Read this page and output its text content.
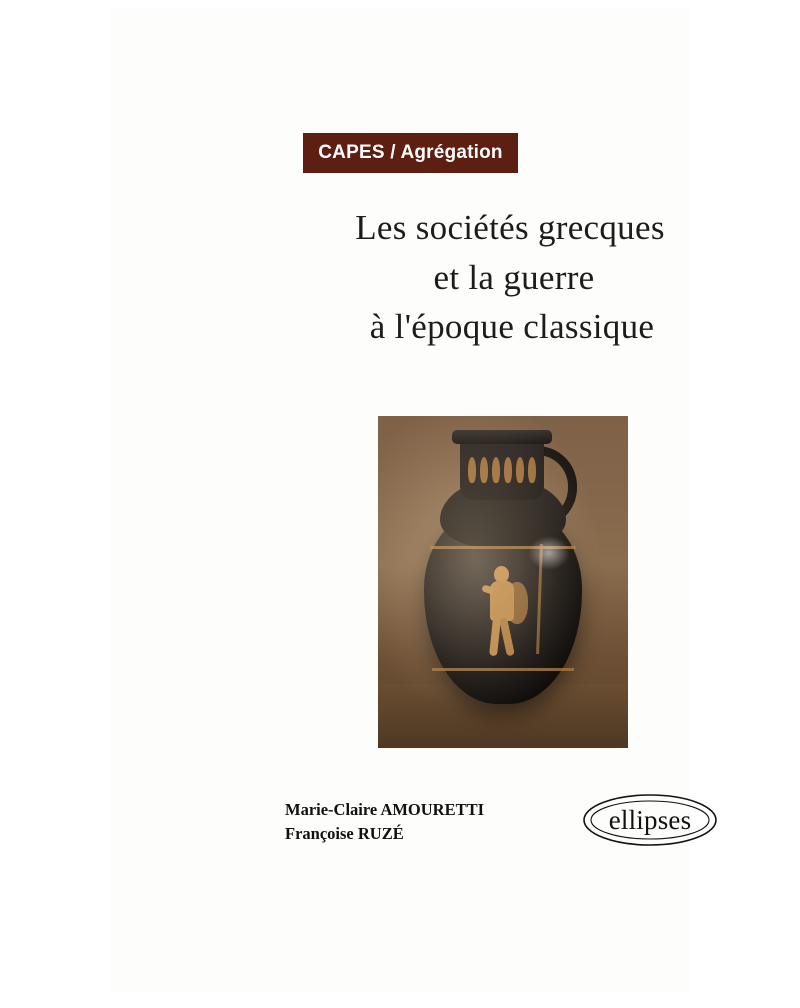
CAPES / Agrégation
Les sociétés grecques
et la guerre
à l'époque classique
Marie-Claire AMOURETTI
Françoise RUZÉ	ellipses
